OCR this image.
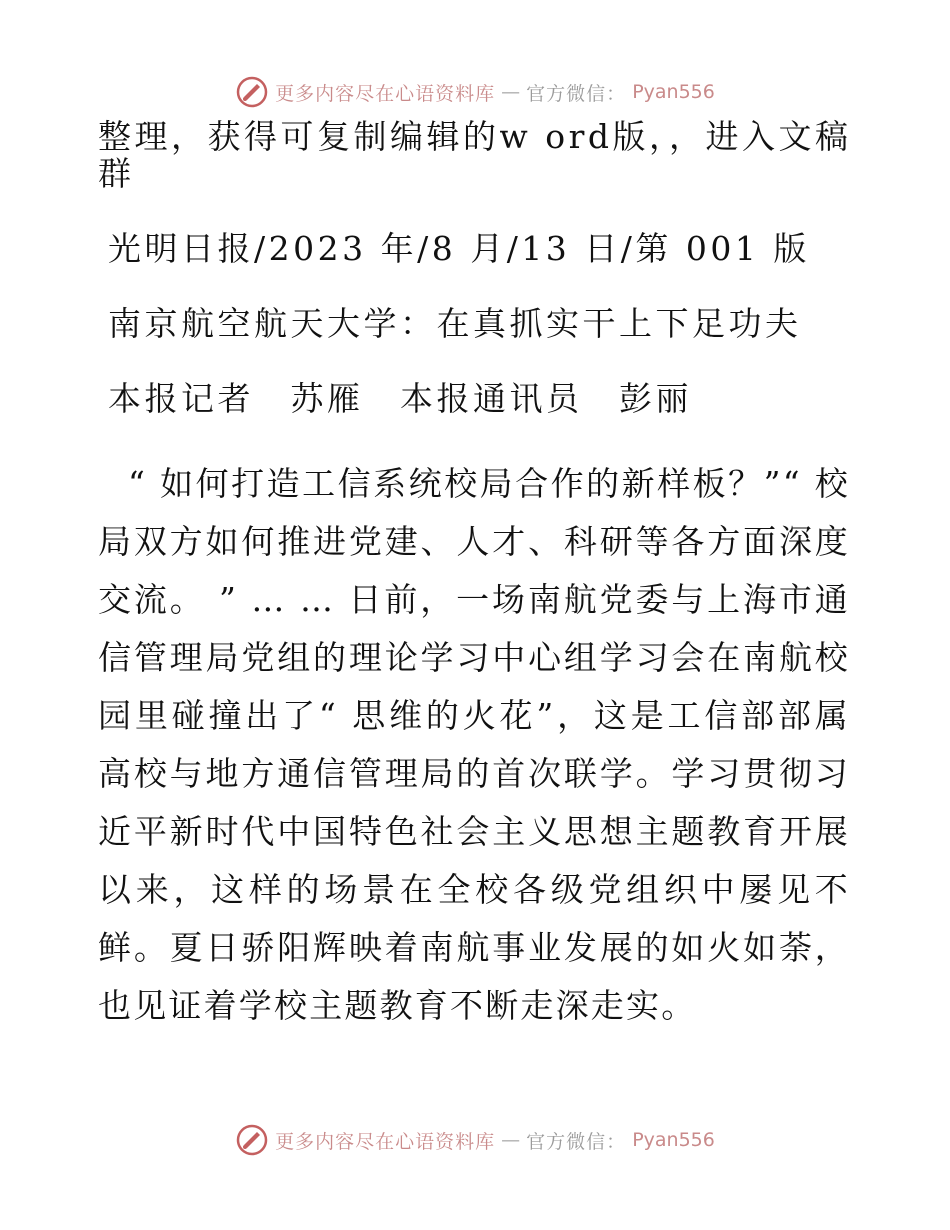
更多内容尽在心语资料库 — 官方微信： Pyan556
整理，获得可复制编辑的w ord版，，进入文稿
群
光明日报/2023 年/8 月/13 日/第 001 版
南京航空航天大学：在真抓实干上下足功夫
本报记者　苏雁　本报通讯员　彭丽
“ 如何打造工信系统校局合作的新样板？”“ 校局双方如何推进党建、人才、科研等各方面深度交流。 ” … … 日前，一场南航党委与上海市通信管理局党组的理论学习中心组学习会在南航校园里碰撞出了“ 思维的火花”，这是工信部部属高校与地方通信管理局的首次联学。学习贯彻习近平新时代中国特色社会主义思想主题教育开展以来，这样的场景在全校各级党组织中屡见不鲜。夏日骄阳辉映着南航事业发展的如火如荼，也见证着学校主题教育不断走深走实。
更多内容尽在心语资料库 — 官方微信： Pyan556
